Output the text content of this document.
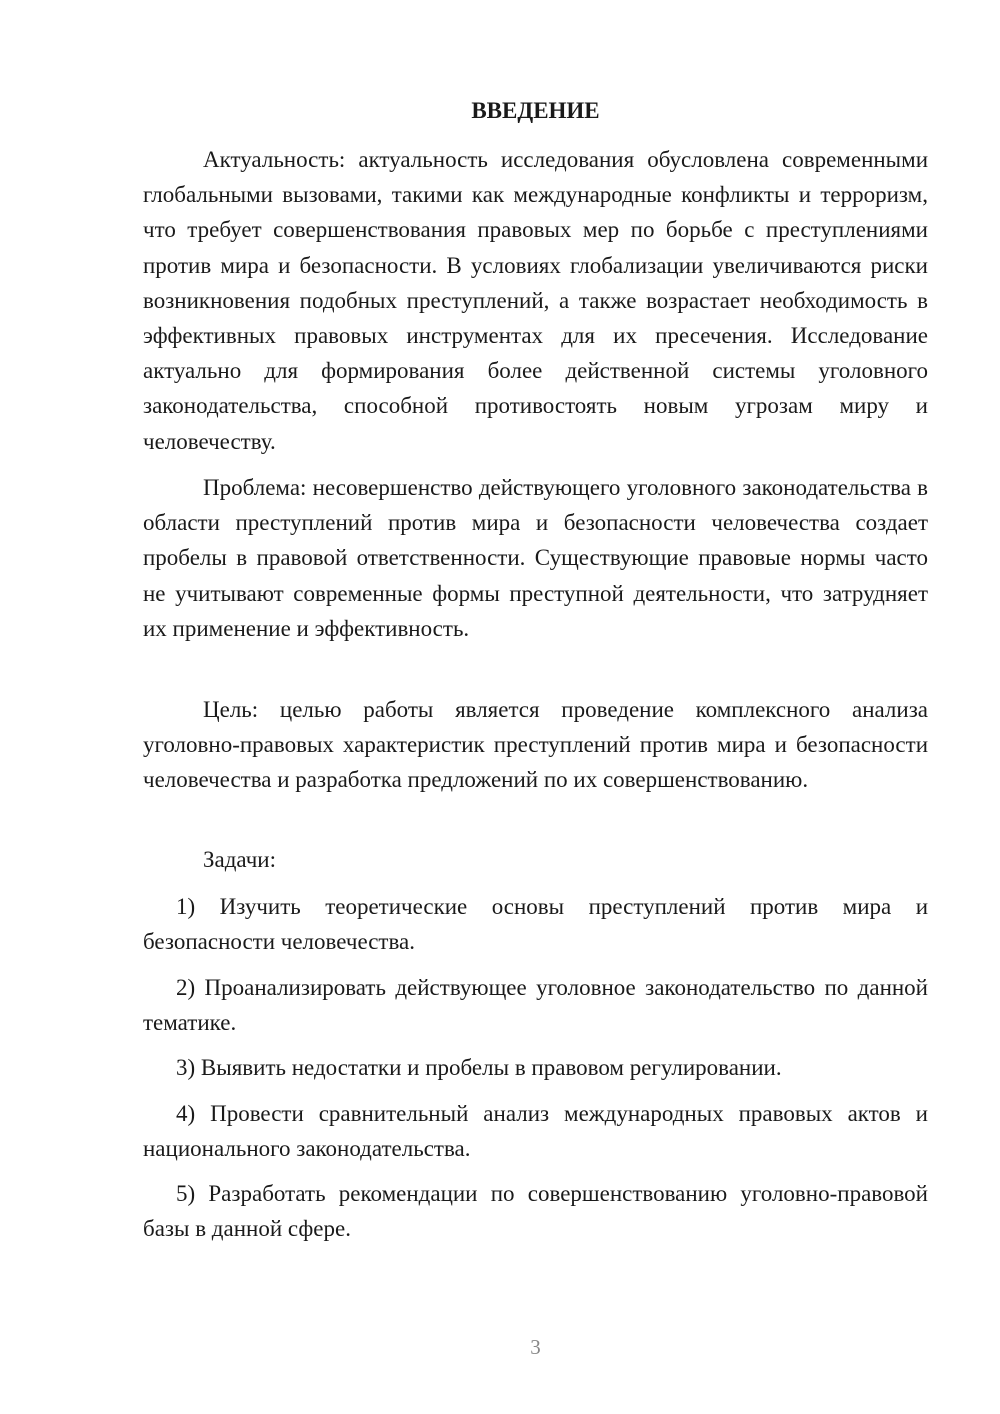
ВВЕДЕНИЕ

Актуальность: актуальность исследования обусловлена современными глобальными вызовами, такими как международные конфликты и терроризм, что требует совершенствования правовых мер по борьбе с преступлениями против мира и безопасности. В условиях глобализации увеличиваются риски возникновения подобных преступлений, а также возрастает необходимость в эффективных правовых инструментах для их пресечения. Исследование актуально для формирования более действенной системы уголовного законодательства, способной противостоять новым угрозам миру и человечеству.

Проблема: несовершенство действующего уголовного законодательства в области преступлений против мира и безопасности человечества создает пробелы в правовой ответственности. Существующие правовые нормы часто не учитывают современные формы преступной деятельности, что затрудняет их применение и эффективность.

Цель: целью работы является проведение комплексного анализа уголовно-правовых характеристик преступлений против мира и безопасности человечества и разработка предложений по их совершенствованию.

Задачи:

1) Изучить теоретические основы преступлений против мира и безопасности человечества.

2) Проанализировать действующее уголовное законодательство по данной тематике.

3) Выявить недостатки и пробелы в правовом регулировании.

4) Провести сравнительный анализ международных правовых актов и национального законодательства.

5) Разработать рекомендации по совершенствованию уголовно-правовой базы в данной сфере.

3
